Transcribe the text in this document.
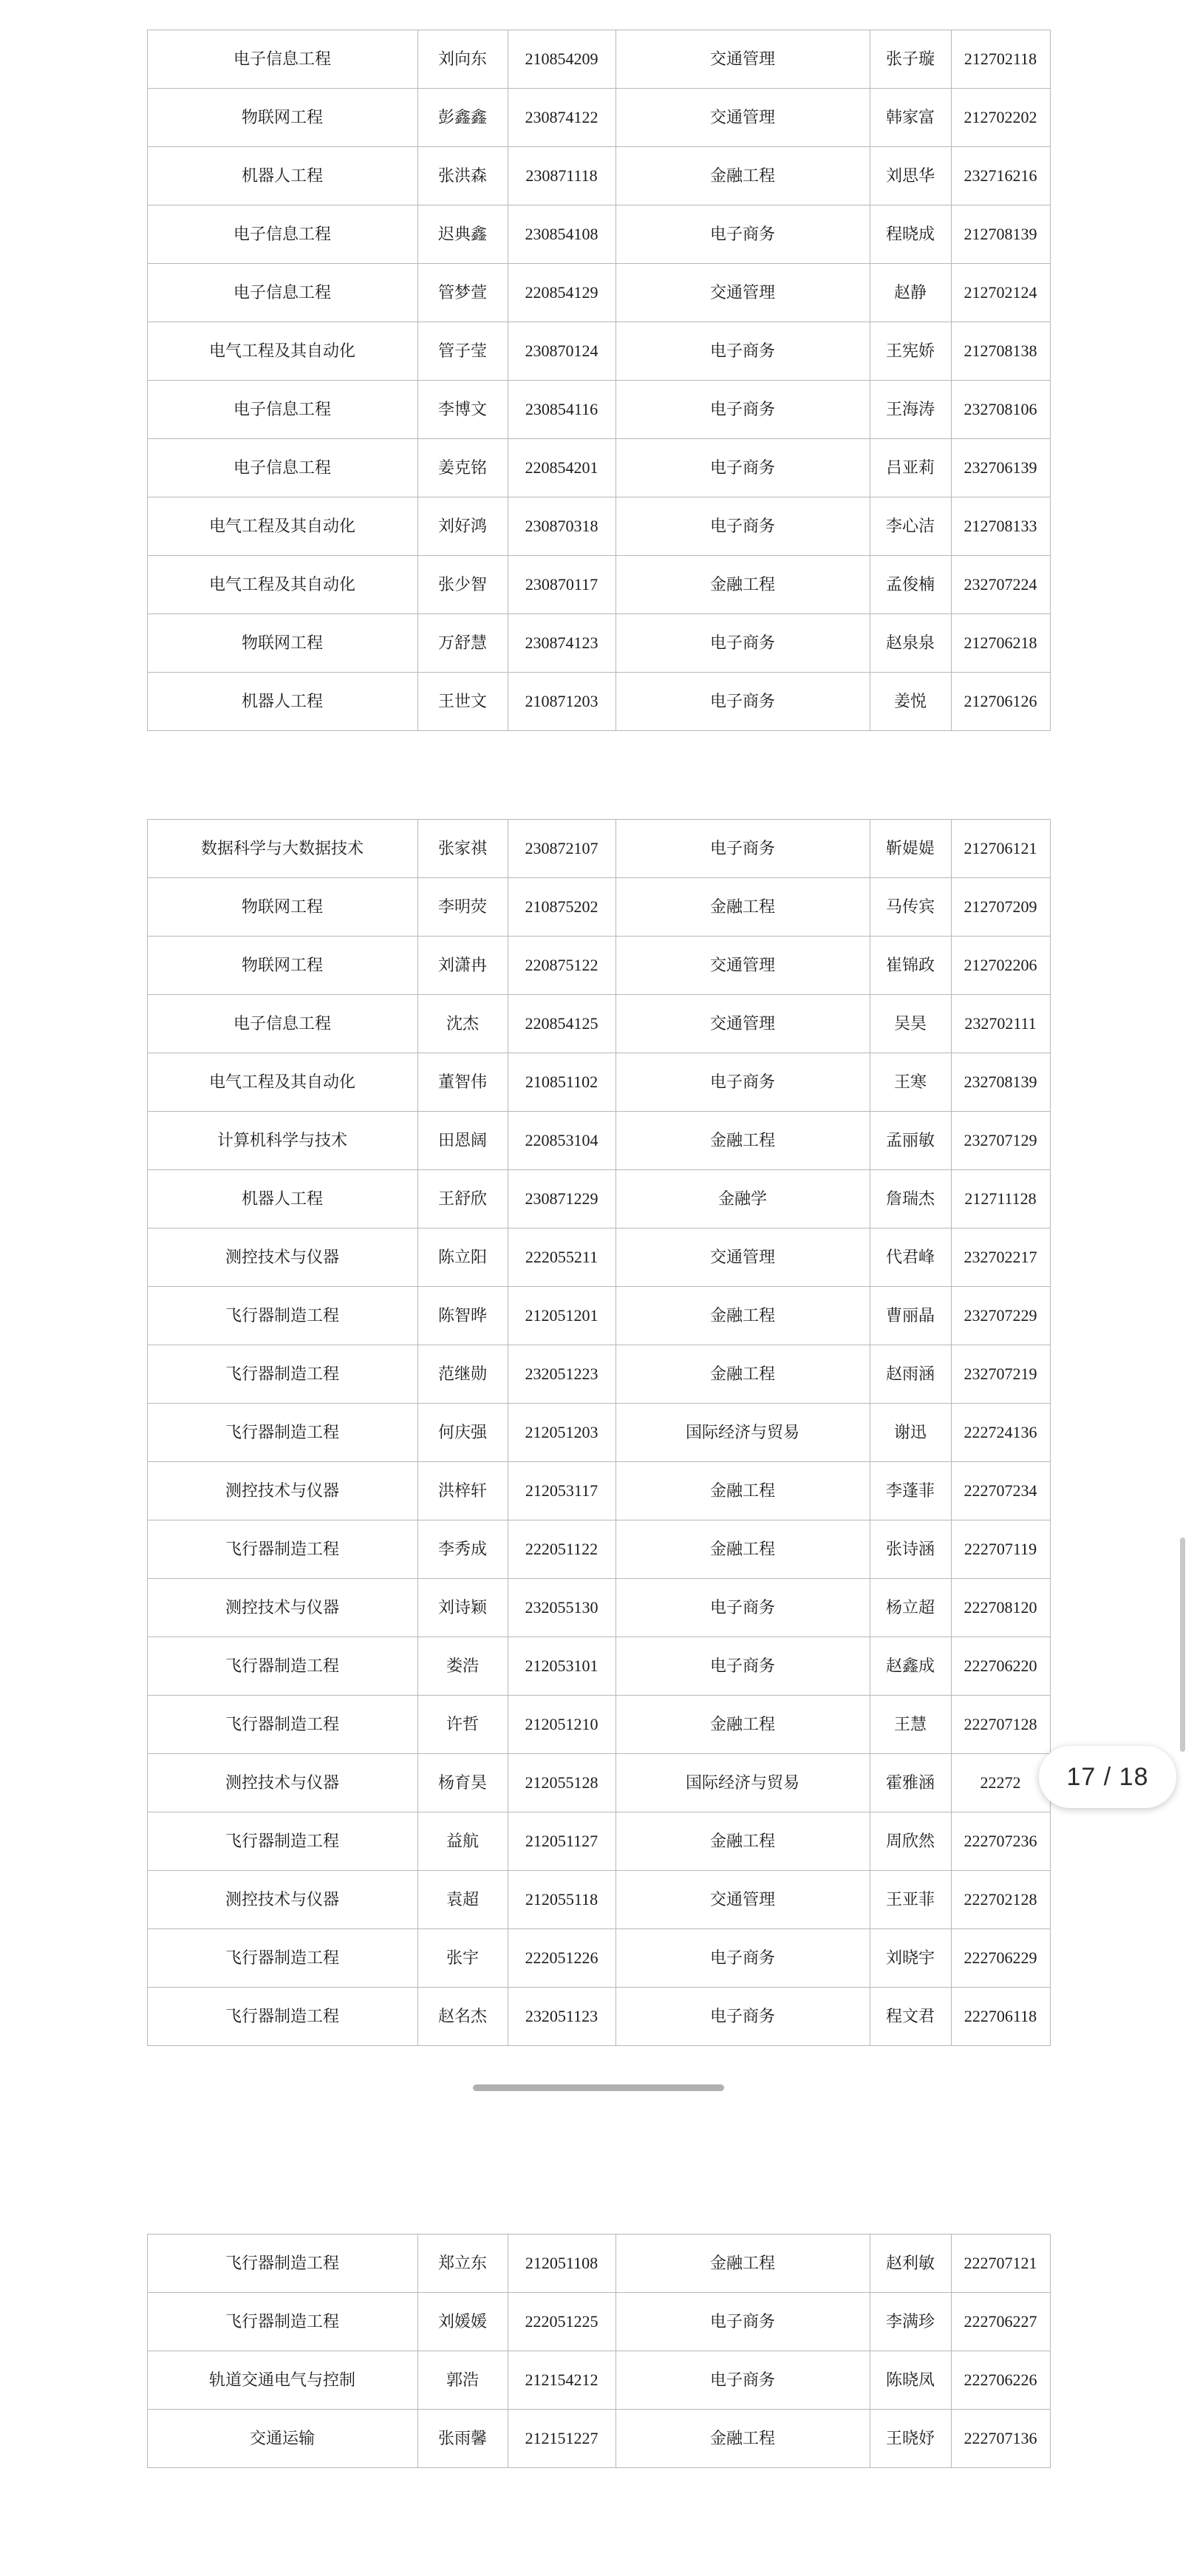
电子信息工程	刘向东	210854209	交通管理	张子璇	212702118
物联网工程	彭鑫鑫	230874122	交通管理	韩家富	212702202
机器人工程	张洪森	230871118	金融工程	刘思华	232716216
电子信息工程	迟典鑫	230854108	电子商务	程晓成	212708139
电子信息工程	管梦萱	220854129	交通管理	赵静	212702124
电气工程及其自动化	管子莹	230870124	电子商务	王宪娇	212708138
电子信息工程	李博文	230854116	电子商务	王海涛	232708106
电子信息工程	姜克铭	220854201	电子商务	吕亚莉	232706139
电气工程及其自动化	刘好鸿	230870318	电子商务	李心洁	212708133
电气工程及其自动化	张少智	230870117	金融工程	孟俊楠	232707224
物联网工程	万舒慧	230874123	电子商务	赵泉泉	212706218
机器人工程	王世文	210871203	电子商务	姜悦	212706126
数据科学与大数据技术	张家祺	230872107	电子商务	靳媞媞	212706121
物联网工程	李明荧	210875202	金融工程	马传宾	212707209
物联网工程	刘潇冉	220875122	交通管理	崔锦政	212702206
电子信息工程	沈杰	220854125	交通管理	吴昊	232702111
电气工程及其自动化	董智伟	210851102	电子商务	王寒	232708139
计算机科学与技术	田恩阔	220853104	金融工程	孟丽敏	232707129
机器人工程	王舒欣	230871229	金融学	詹瑞杰	212711128
测控技术与仪器	陈立阳	222055211	交通管理	代君峰	232702217
飞行器制造工程	陈智晔	212051201	金融工程	曹丽晶	232707229
飞行器制造工程	范继勋	232051223	金融工程	赵雨涵	232707219
飞行器制造工程	何庆强	212051203	国际经济与贸易	谢迅	222724136
测控技术与仪器	洪梓轩	212053117	金融工程	李蓬菲	222707234
飞行器制造工程	李秀成	222051122	金融工程	张诗涵	222707119
测控技术与仪器	刘诗颖	232055130	电子商务	杨立超	222708120
飞行器制造工程	娄浩	212053101	电子商务	赵鑫成	222706220
飞行器制造工程	许哲	212051210	金融工程	王慧	222707128
测控技术与仪器	杨育昊	212055128	国际经济与贸易	霍雅涵	22272
飞行器制造工程	益航	212051127	金融工程	周欣然	222707236
测控技术与仪器	袁超	212055118	交通管理	王亚菲	222702128
飞行器制造工程	张宇	222051226	电子商务	刘晓宇	222706229
飞行器制造工程	赵名杰	232051123	电子商务	程文君	222706118
飞行器制造工程	郑立东	212051108	金融工程	赵利敏	222707121
飞行器制造工程	刘媛媛	222051225	电子商务	李满珍	222706227
轨道交通电气与控制	郭浩	212154212	电子商务	陈晓凤	222706226
交通运输	张雨馨	212151227	金融工程	王晓妤	222707136
17 / 18
